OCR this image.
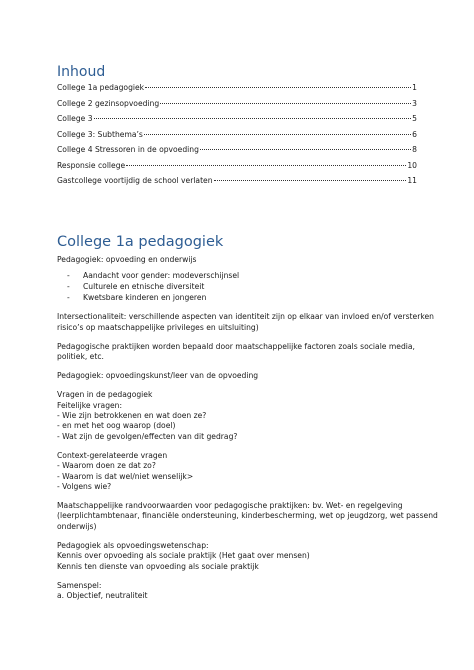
Inhoud
College 1a pedagogiek	1
College 2 gezinsopvoeding	3
College 3	5
College 3: Subthema’s	6
College 4 Stressoren in de opvoeding	8
Responsie college	10
Gastcollege voortijdig de school verlaten	11
College 1a pedagogiek

Pedagogiek: opvoeding en onderwijs

- Aandacht voor gender: modeverschijnsel
- Culturele en etnische diversiteit
- Kwetsbare kinderen en jongeren

Intersectionaliteit: verschillende aspecten van identiteit zijn op elkaar van invloed en/of versterken
risico’s op maatschappelijke privileges en uitsluiting)

Pedagogische praktijken worden bepaald door maatschappelijke factoren zoals sociale media,
politiek, etc.

Pedagogiek: opvoedingskunst/leer van de opvoeding

Vragen in de pedagogiek
Feitelijke vragen:
- Wie zijn betrokkenen en wat doen ze?
- en met het oog waarop (doel)
- Wat zijn de gevolgen/effecten van dit gedrag?

Context-gerelateerde vragen
- Waarom doen ze dat zo?
- Waarom is dat wel/niet wenselijk>
- Volgens wie?

Maatschappelijke randvoorwaarden voor pedagogische praktijken: bv. Wet- en regelgeving
(leerplichtambtenaar, financiële ondersteuning, kinderbescherming, wet op jeugdzorg, wet passend
onderwijs)

Pedagogiek als opvoedingswetenschap:
Kennis over opvoeding als sociale praktijk (Het gaat over mensen)
Kennis ten dienste van opvoeding als sociale praktijk

Samenspel:
a. Objectief, neutraliteit
